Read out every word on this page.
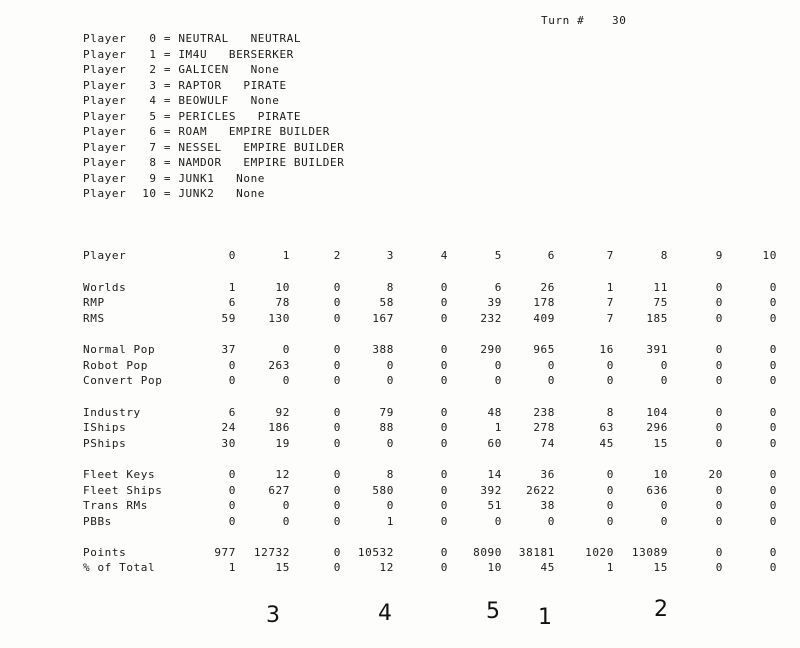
Turn #	30
Player 0 = NEUTRAL NEUTRAL
Player 1 = IM4U BERSERKER
Player 2 = GALICEN None
Player 3 = RAPTOR PIRATE
Player 4 = BEOWULF None
Player 5 = PERICLES PIRATE
Player 6 = ROAM EMPIRE BUILDER
Player 7 = NESSEL EMPIRE BUILDER
Player 8 = NAMDOR EMPIRE BUILDER
Player 9 = JUNK1 None
Player 10 = JUNK2 None
Player	0	1	2	3	4	5	6	7	8	9	10
Worlds	1	10	0	8	0	6	26	1	11	0	0
RMP	6	78	0	58	0	39	178	7	75	0	0
RMS	59	130	0	167	0	232	409	7	185	0	0
Normal Pop	37	0	0	388	0	290	965	16	391	0	0
Robot Pop	0	263	0	0	0	0	0	0	0	0	0
Convert Pop	0	0	0	0	0	0	0	0	0	0	0
Industry	6	92	0	79	0	48	238	8	104	0	0
IShips	24	186	0	88	0	1	278	63	296	0	0
PShips	30	19	0	0	0	60	74	45	15	0	0
Fleet Keys	0	12	0	8	0	14	36	0	10	20	0
Fleet Ships	0	627	0	580	0	392	2622	0	636	0	0
Trans RMs	0	0	0	0	0	51	38	0	0	0	0
PBBs	0	0	0	1	0	0	0	0	0	0	0
Points	977	12732	0	10532	0	8090	38181	1020	13089	0	0
% of Total	1	15	0	12	0	10	45	1	15	0	0
3	4	5 1	2
